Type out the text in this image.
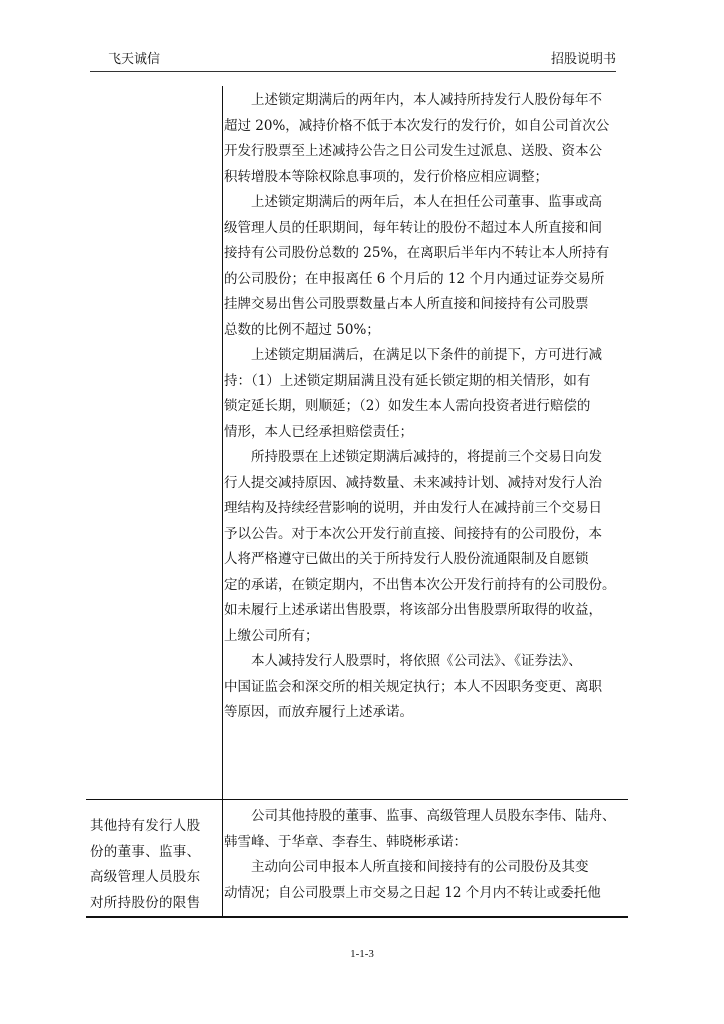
飞天诚信	招股说明书
上述锁定期满后的两年内，本人减持所持发行人股份每年不
超过 20%，减持价格不低于本次发行的发行价，如自公司首次公
开发行股票至上述减持公告之日公司发生过派息、送股、资本公
积转增股本等除权除息事项的，发行价格应相应调整；
上述锁定期满后的两年后，本人在担任公司董事、监事或高
级管理人员的任职期间，每年转让的股份不超过本人所直接和间
接持有公司股份总数的 25%，在离职后半年内不转让本人所持有
的公司股份；在申报离任 6 个月后的 12 个月内通过证券交易所
挂牌交易出售公司股票数量占本人所直接和间接持有公司股票
总数的比例不超过 50%；
上述锁定期届满后，在满足以下条件的前提下，方可进行减
持：（1）上述锁定期届满且没有延长锁定期的相关情形，如有
锁定延长期，则顺延；（2）如发生本人需向投资者进行赔偿的
情形，本人已经承担赔偿责任；
所持股票在上述锁定期满后减持的，将提前三个交易日向发
行人提交减持原因、减持数量、未来减持计划、减持对发行人治
理结构及持续经营影响的说明，并由发行人在减持前三个交易日
予以公告。对于本次公开发行前直接、间接持有的公司股份，本
人将严格遵守已做出的关于所持发行人股份流通限制及自愿锁
定的承诺，在锁定期内，不出售本次公开发行前持有的公司股份。
如未履行上述承诺出售股票，将该部分出售股票所取得的收益，
上缴公司所有；
本人减持发行人股票时，将依照《公司法》、《证券法》、
中国证监会和深交所的相关规定执行；本人不因职务变更、离职
等原因，而放弃履行上述承诺。
其他持有发行人股
份的董事、监事、
高级管理人员股东
对所持股份的限售
公司其他持股的董事、监事、高级管理人员股东李伟、陆舟、
韩雪峰、于华章、李春生、韩晓彬承诺：
主动向公司申报本人所直接和间接持有的公司股份及其变
动情况；自公司股票上市交易之日起 12 个月内不转让或委托他
1-1-3
